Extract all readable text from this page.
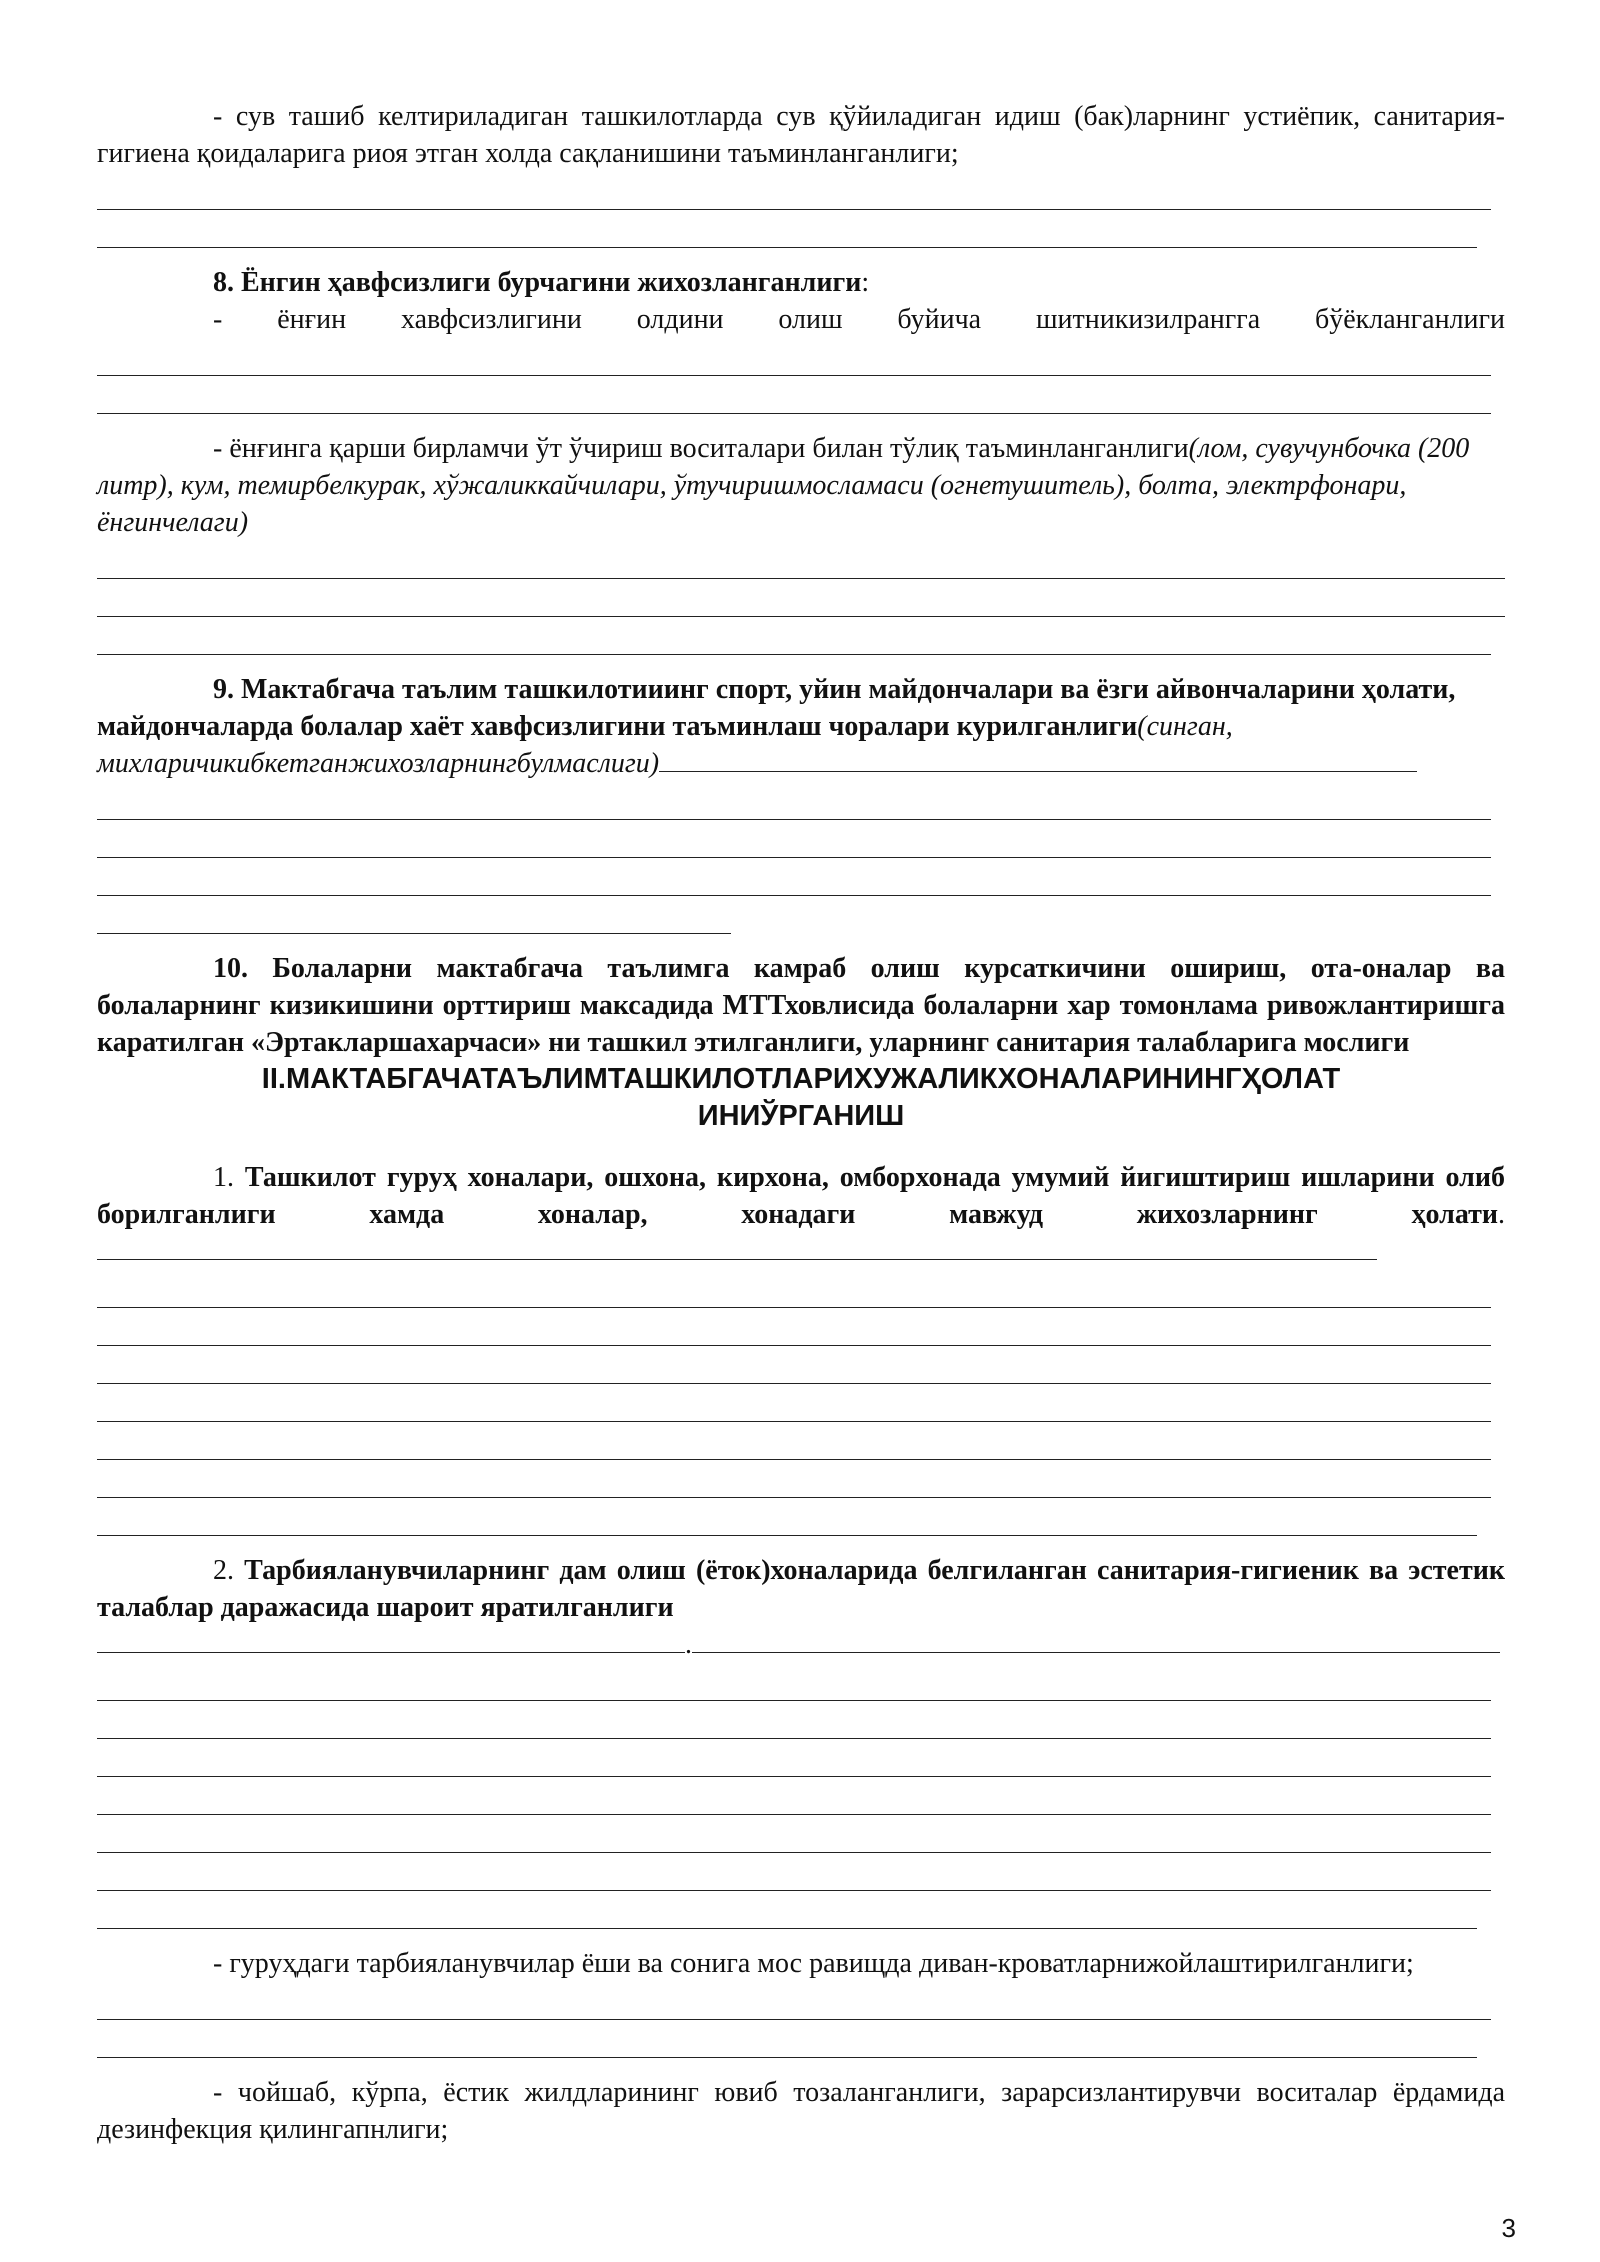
- сув ташиб келтириладиган ташкилотларда сув қўйиладиган идиш (бак)ларнинг устиёпик, санитария-гигиена қоидаларига риоя этган холда сақланишини таъминланганлиги;

8. Ёнгин ҳавфсизлиги бурчагини жихозланганлиги:

- ёнғин хавфсизлигини олдини олиш буйича шитникизилрангга бўёкланганлиги

- ёнғинга қарши бирламчи ўт ўчириш воситалари билан тўлиқ таъминланганлиги(лом, сувучунбочка (200 литр), кум, темирбелкурак, хўжаликкайчилари, ўтучиришмосламаси (огнетушитель), болта, электрфонари, ёнгинчелаги)

9. Мактабгача таълим ташкилотииинг спорт, уйин майдончалари ва ёзги айвончаларини ҳолати, майдончаларда болалар хаёт хавфсизлигини таъминлаш чоралари курилганлиги(синган,

михларичикибкетганжихозларнингбулмаслиги)

10. Болаларни мактабгача таълимга камраб олиш курсаткичини ошириш, ота-оналар ва болаларнинг кизикишини орттириш максадида МТТховлисида болаларни хар томонлама ривожлантиришга каратилган «Эртакларшахарчаси» ни ташкил этилганлиги, уларнинг санитария талабларига мослиги

II.МАКТАБГАЧАТАЪЛИМТАШКИЛОТЛАРИХУЖАЛИКХОНАЛАРИНИНГҲОЛАТ

ИНИЎРГАНИШ

1. Ташкилот гуруҳ хоналари, ошхона, кирхона, омборхонада умумий йигиштириш ишларини олиб борилганлиги хамда хоналар, хонадаги мавжуд жихозларнинг ҳолати.

2. Тарбияланувчиларнинг дам олиш (ёток)хоналарида белгиланган санитария-гигиеник ва эстетик талаблар даражасида шароит яратилганлиги

.

- гуруҳдаги тарбияланувчилар ёши ва сонига мос равищда диван-кроватларнижойлаштирилганлиги;

- чойшаб, кўрпа, ёстик жилдларининг ювиб тозаланганлиги, зарарсизлантирувчи воситалар ёрдамида дезинфекция қилингапнлиги;

3
